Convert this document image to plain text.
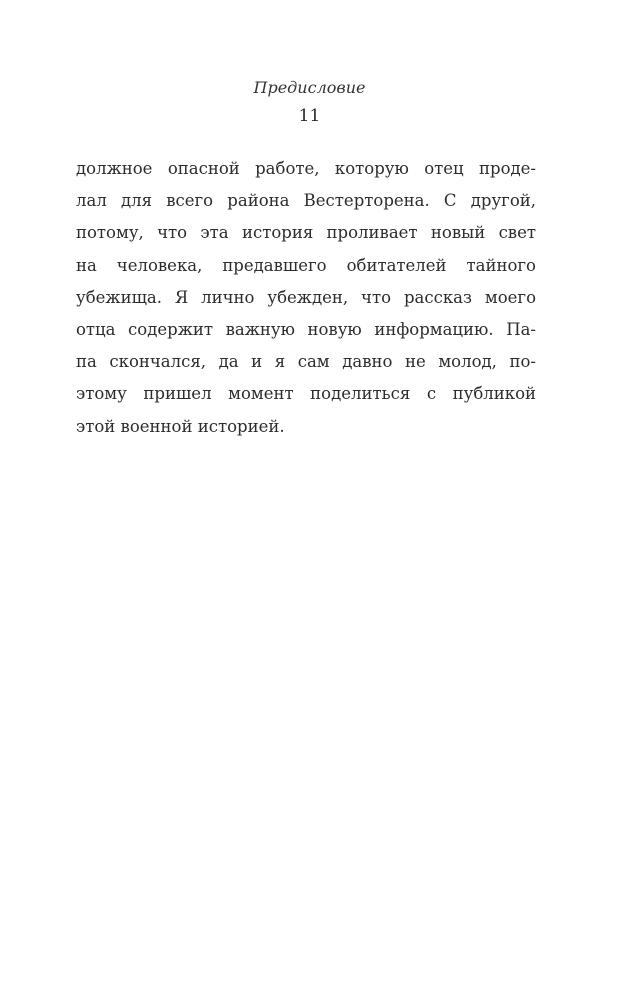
Предисловие
11
должное опасной работе, которую отец проде-
лал для всего района Вестерторена. С другой,
потому, что эта история проливает новый свет
на человека, предавшего обитателей тайного
убежища. Я лично убежден, что рассказ моего
отца содержит важную новую информацию. Па-
па скончался, да и я сам давно не молод, по-
этому пришел момент поделиться с публикой
этой военной историей.
